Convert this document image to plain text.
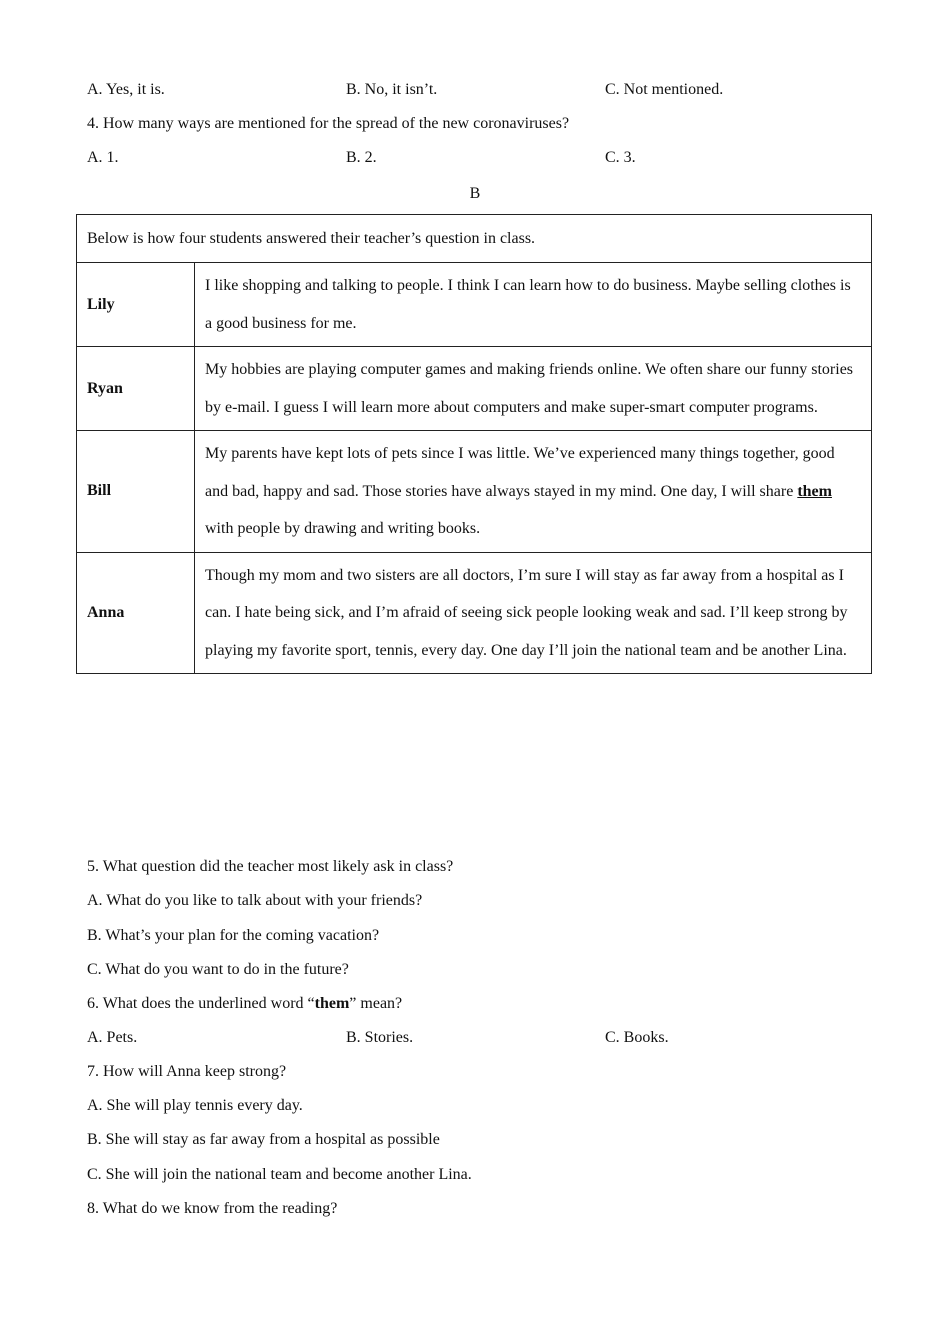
A. Yes, it is.	B. No, it isn’t.	C. Not mentioned.
4. How many ways are mentioned for the spread of the new coronaviruses?
A. 1.	B. 2.	C. 3.
B
Below is how four students answered their teacher’s question in class.	
Lily	I like shopping and talking to people. I think I can learn how to do business. Maybe selling clothes is a good business for me.
Ryan	My hobbies are playing computer games and making friends online. We often share our funny stories by e-mail. I guess I will learn more about computers and make super-smart computer programs.
Bill	My parents have kept lots of pets since I was little. We’ve experienced many things together, good and bad, happy and sad. Those stories have always stayed in my mind. One day, I will share them with people by drawing and writing books.
Anna	Though my mom and two sisters are all doctors, I’m sure I will stay as far away from a hospital as I can. I hate being sick, and I’m afraid of seeing sick people looking weak and sad. I’ll keep strong by playing my favorite sport, tennis, every day. One day I’ll join the national team and be another Lina.
5. What question did the teacher most likely ask in class?
A. What do you like to talk about with your friends?
B. What’s your plan for the coming vacation?
C. What do you want to do in the future?
6. What does the underlined word “them” mean?
A. Pets.	B. Stories.	C. Books.
7. How will Anna keep strong?
A. She will play tennis every day.
B. She will stay as far away from a hospital as possible
C. She will join the national team and become another Lina.
8. What do we know from the reading?
